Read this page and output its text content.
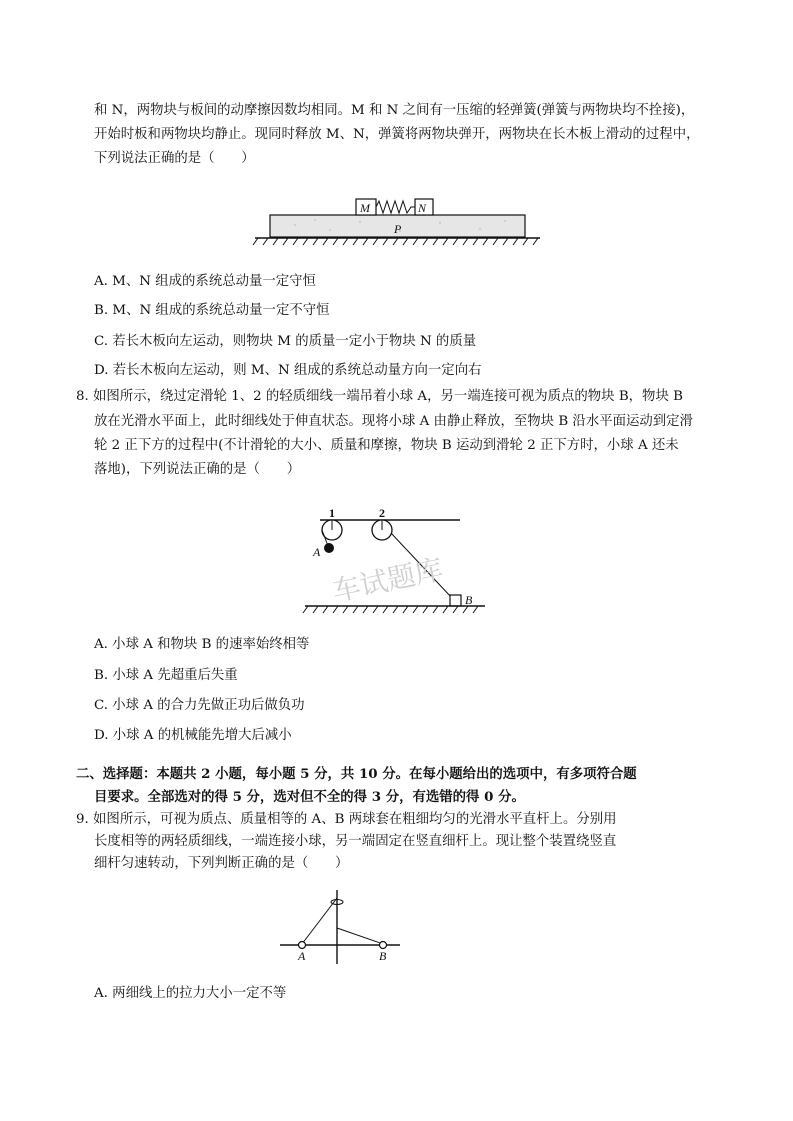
和 N，两物块与板间的动摩擦因数均相同。M 和 N 之间有一压缩的轻弹簧(弹簧与两物块均不拴接)，
开始时板和两物块均静止。现同时释放 M、N，弹簧将两物块弹开，两物块在长木板上滑动的过程中，
下列说法正确的是（　　）
M	N
P
A. M、N 组成的系统总动量一定守恒
B. M、N 组成的系统总动量一定不守恒
C. 若长木板向左运动，则物块 M 的质量一定小于物块 N 的质量
D. 若长木板向左运动，则 M、N 组成的系统总动量方向一定向右
8. 如图所示，绕过定滑轮 1、2 的轻质细线一端吊着小球 A，另一端连接可视为质点的物块 B，物块 B
放在光滑水平面上，此时细线处于伸直状态。现将小球 A 由静止释放，至物块 B 沿水平面运动到定滑
轮 2 正下方的过程中(不计滑轮的大小、质量和摩擦，物块 B 运动到滑轮 2 正下方时，小球 A 还未
落地)，下列说法正确的是（　　）
1	2
A
B
车试题库
A. 小球 A 和物块 B 的速率始终相等
B. 小球 A 先超重后失重
C. 小球 A 的合力先做正功后做负功
D. 小球 A 的机械能先增大后减小
二、选择题：本题共 2 小题，每小题 5 分，共 10 分。在每小题给出的选项中，有多项符合题
目要求。全部选对的得 5 分，选对但不全的得 3 分，有选错的得 0 分。
9. 如图所示，可视为质点、质量相等的 A、B 两球套在粗细均匀的光滑水平直杆上。分别用
长度相等的两轻质细线，一端连接小球，另一端固定在竖直细杆上。现让整个装置绕竖直
细杆匀速转动，下列判断正确的是（　　）
A	B
A. 两细线上的拉力大小一定不等
